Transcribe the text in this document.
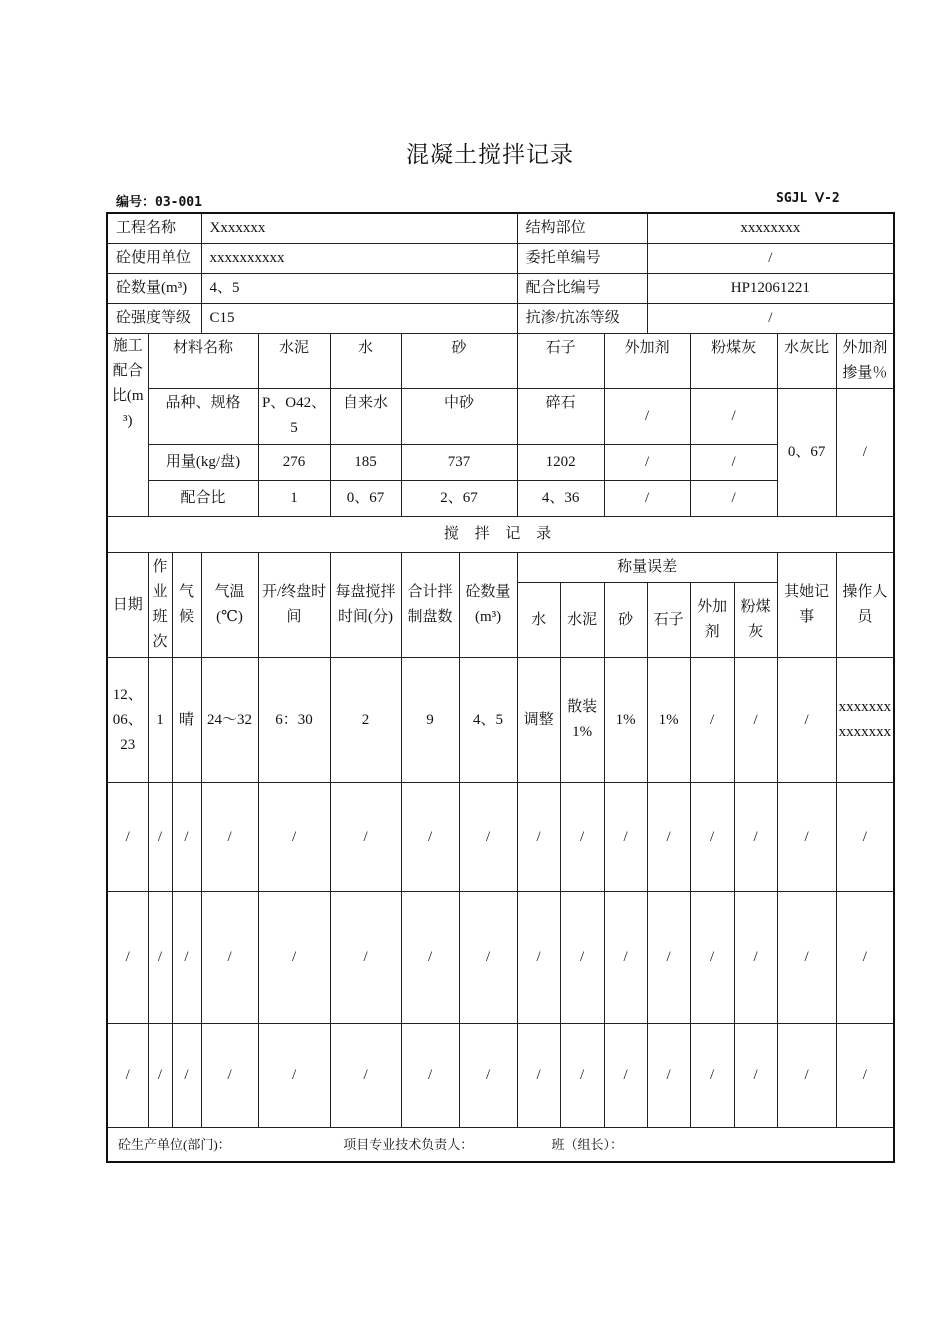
混凝土搅拌记录
编号：03-001	SGJL Ⅴ-2
工程名称			Xxxxxxx					结构部位			xxxxxxxx				
砼使用单位			xxxxxxxxxx					委托单编号			/				
砼数量(m³)			4、5					配合比编号			HP12061221				
砼强度等级			C15					抗渗/抗冻等级			/				
施工配合比(m³)	材料名称			水泥	水	砂		石子		外加剂		粉煤灰		水灰比	外加剂掺量％
	品种、规格			P、O42、5	自来水	中砂		碎石		/		/		0、67	/
	用量(kg/盘)			276	185	737		1202		/		/			
	配合比			1	0、67	2、67		4、36		/		/			
搅 拌 记 录															
日期	作业班次	气候	气温(℃)	开/终盘时间	每盘搅拌时间(分)	合计拌制盘数	砼数量(m³)	称量误差						其她记事	操作人员
								水	水泥	砂	石子	外加剂	粉煤灰		
12、06、23	1	晴	24～32	6：30	2	9	4、5	调整	散装1%	1%	1%	/	/	/	xxxxxxxxxxxxxx
/	/	/	/	/	/	/	/	/	/	/	/	/	/	/	/
/	/	/	/	/	/	/	/	/	/	/	/	/	/	/	/
/	/	/	/	/	/	/	/	/	/	/	/	/	/	/	/
砼生产单位(部门)： 项目专业技术负责人： 班（组长）：															
